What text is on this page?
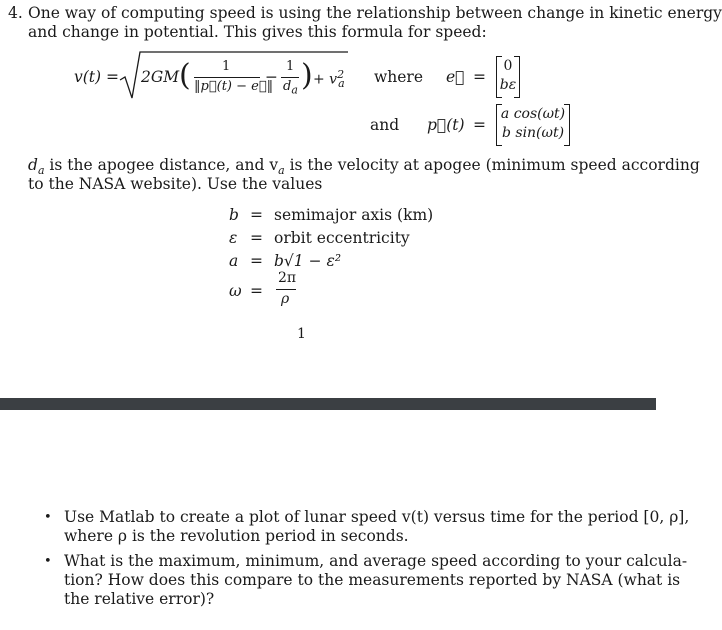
4. One way of computing speed is using the relationship between change in kinetic energy
and change in potential. This gives this formula for speed:
v(t) = 2GM ( 1
‖p⃗(t) − e⃗‖
−
1
$d_a$ ) + $v^2_a$ where e⃗ =
0
bε
and p⃗(t) =
a cos(ωt)
b sin(ωt)
$d_a$ is the apogee distance, and $v_a$ is the velocity at apogee (minimum speed according
to the NASA website). Use the values
b = semimajor axis (km)
ε = orbit eccentricity
a = b√1 − ε²
ω =
2π
ρ
1
• Use Matlab to create a plot of lunar speed v(t) versus time for the period [0, ρ],
where ρ is the revolution period in seconds.
• What is the maximum, minimum, and average speed according to your calcula-
tion? How does this compare to the measurements reported by NASA (what is
the relative error)?
